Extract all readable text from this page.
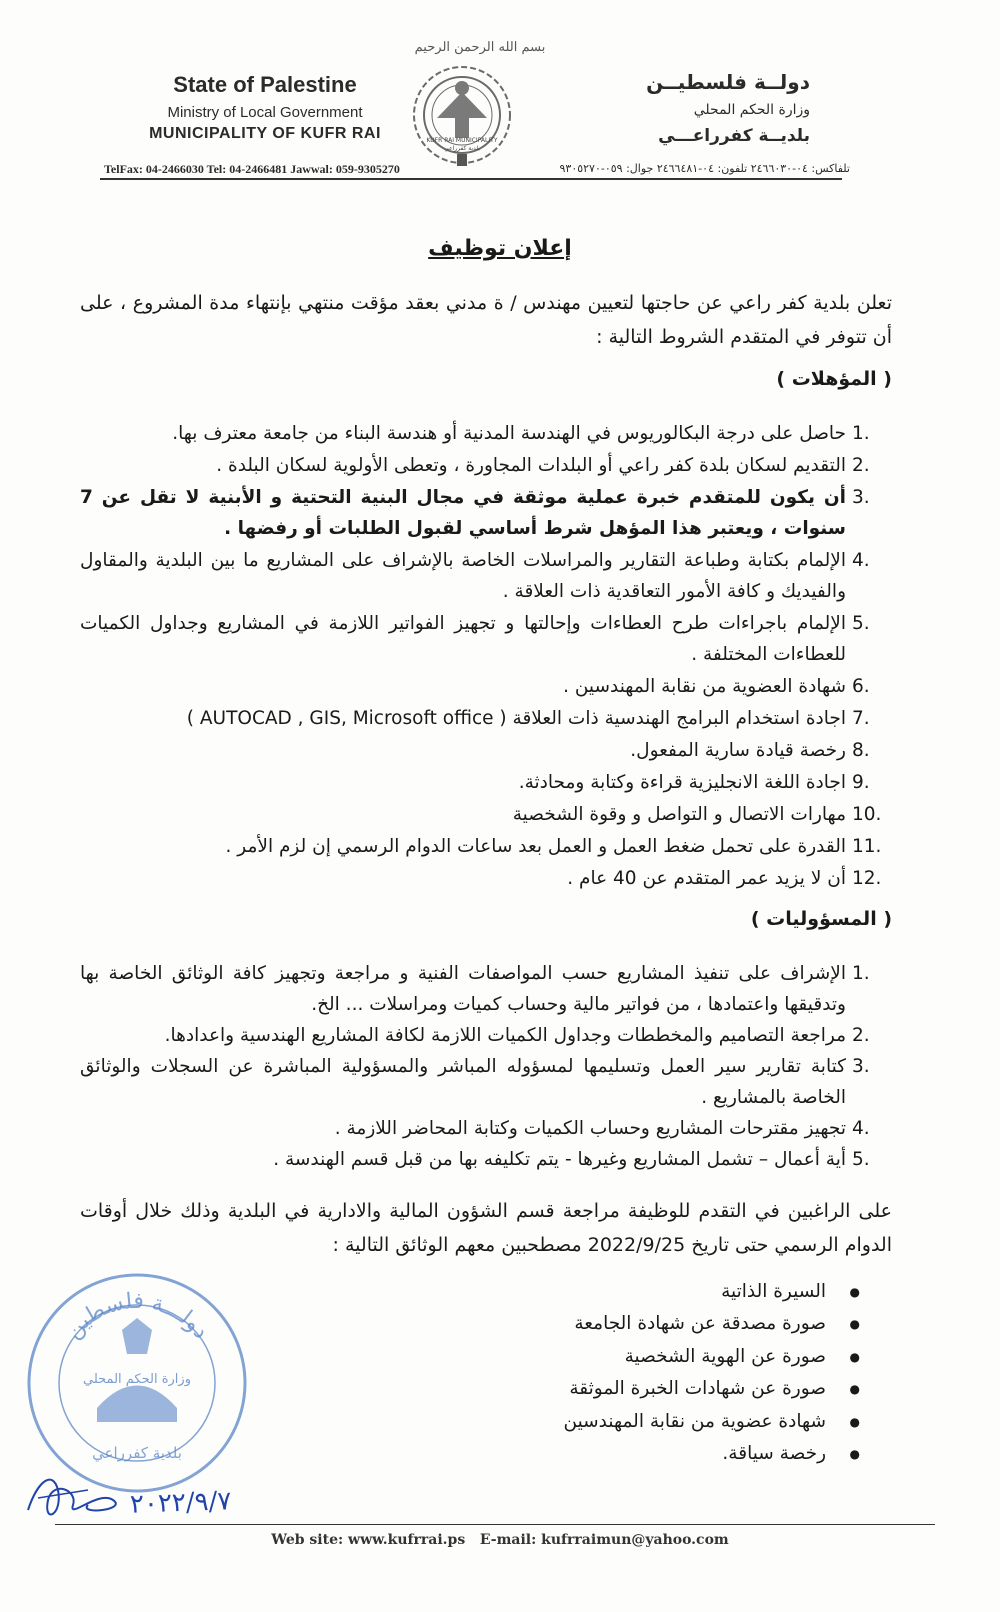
State of Palestine
Ministry of Local Government
MUNICIPALITY OF KUFR RAI
TelFax: 04-2466030 Tel: 04-2466481 Jawwal: 059-9305270
بسم الله الرحمن الرحيم
KUFR RAI MUNICIPALITY
بلدية كفرراعي
دولــة فلسطيــن
وزارة الحكم المحلي
بلديــة كفرراعـــي
تلفاكس: ٠٤-٢٤٦٦٠٣٠ تلفون: ٠٤-٢٤٦٦٤٨١ جوال: ٠٥٩-٩٣٠٥٢٧٠
إعلان توظيف
تعلن بلدية كفر راعي عن حاجتها لتعيين مهندس / ة مدني بعقد مؤقت منتهي بإنتهاء مدة المشروع ، على أن تتوفر في المتقدم الشروط التالية :
( المؤهلات )
1.
حاصل على درجة البكالوريوس في الهندسة المدنية أو هندسة البناء من جامعة معترف بها.
2.
التقديم لسكان بلدة كفر راعي أو البلدات المجاورة ، وتعطى الأولوية لسكان البلدة .
3.
أن يكون للمتقدم خبرة عملية موثقة في مجال البنية التحتية و الأبنية لا تقل عن 7 سنوات ، ويعتبر هذا المؤهل شرط أساسي لقبول الطلبات أو رفضها .
4.
الإلمام بكتابة وطباعة التقارير والمراسلات الخاصة بالإشراف على المشاريع ما بين البلدية والمقاول والفيديك و كافة الأمور التعاقدية ذات العلاقة .
5.
الإلمام باجراءات طرح العطاءات وإحالتها و تجهيز الفواتير اللازمة في المشاريع وجداول الكميات للعطاءات المختلفة .
6.
شهادة العضوية من نقابة المهندسين .
7.
اجادة استخدام البرامج الهندسية ذات العلاقة ( AUTOCAD , GIS, Microsoft office )
8.
رخصة قيادة سارية المفعول.
9.
اجادة اللغة الانجليزية قراءة وكتابة ومحادثة.
10.
مهارات الاتصال و التواصل و وقوة الشخصية
11.
القدرة على تحمل ضغط العمل و العمل بعد ساعات الدوام الرسمي إن لزم الأمر .
12.
أن لا يزيد عمر المتقدم عن 40 عام .
( المسؤوليات )
1.
الإشراف على تنفيذ المشاريع حسب المواصفات الفنية و مراجعة وتجهيز كافة الوثائق الخاصة بها وتدقيقها واعتمادها ، من فواتير مالية وحساب كميات ومراسلات ... الخ.
2.
مراجعة التصاميم والمخططات وجداول الكميات اللازمة لكافة المشاريع الهندسية واعدادها.
3.
كتابة تقارير سير العمل وتسليمها لمسؤوله المباشر والمسؤولية المباشرة عن السجلات والوثائق الخاصة بالمشاريع .
4.
تجهيز مقترحات المشاريع وحساب الكميات وكتابة المحاضر اللازمة .
5.
أية أعمال – تشمل المشاريع وغيرها - يتم تكليفه بها من قبل قسم الهندسة .
على الراغبين في التقدم للوظيفة مراجعة قسم الشؤون المالية والادارية في البلدية وذلك خلال أوقات الدوام الرسمي حتى تاريخ 2022/9/25 مصطحبين معهم الوثائق التالية :
● السيرة الذاتية
● صورة مصدقة عن شهادة الجامعة
● صورة عن الهوية الشخصية
● صورة عن شهادات الخبرة الموثقة
● شهادة عضوية من نقابة المهندسين
● رخصة سياقة.
دولـــة فلسطين
وزارة الحكم المحلي
بلدية كفرراعي
٢٠٢٢/٩/٧
Web site: www.kufrrai.ps   E-mail: kufrraimun@yahoo.com
